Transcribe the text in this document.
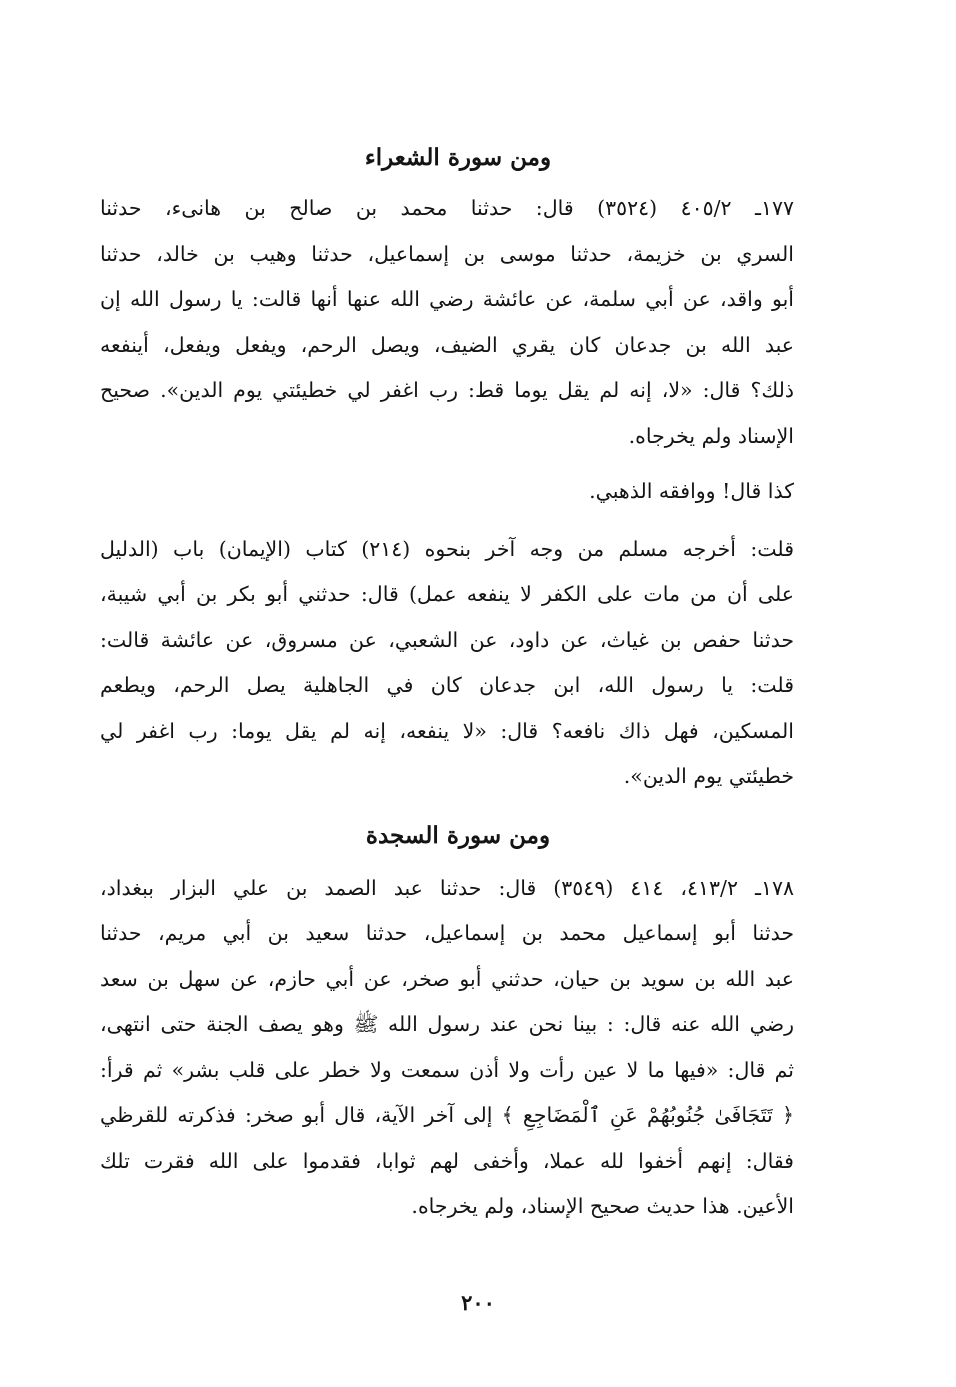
ومن سورة الشعراء

١٧٧ـ ٤٠٥/٢ (٣٥٢٤) قال: حدثنا محمد بن صالح بن هانىء، حدثنا
السري بن خزيمة، حدثنا موسى بن إسماعيل، حدثنا وهيب بن خالد، حدثنا
أبو واقد، عن أبي سلمة، عن عائشة رضي الله عنها أنها قالت: يا رسول الله إن
عبد الله بن جدعان كان يقري الضيف، ويصل الرحم، ويفعل ويفعل، أينفعه
ذلك؟ قال: «لا، إنه لم يقل يوما قط: رب اغفر لي خطيئتي يوم الدين». صحيح
الإسناد ولم يخرجاه.

كذا قال! ووافقه الذهبي.

قلت: أخرجه مسلم من وجه آخر بنحوه (٢١٤) كتاب (الإيمان) باب (الدليل
على أن من مات على الكفر لا ينفعه عمل) قال: حدثني أبو بكر بن أبي شيبة،
حدثنا حفص بن غياث، عن داود، عن الشعبي، عن مسروق، عن عائشة قالت:
قلت: يا رسول الله، ابن جدعان كان في الجاهلية يصل الرحم، ويطعم
المسكين، فهل ذاك نافعه؟ قال: «لا ينفعه، إنه لم يقل يوما: رب اغفر لي
خطيئتي يوم الدين».

ومن سورة السجدة

١٧٨ـ ٤١٣/٢، ٤١٤ (٣٥٤٩) قال: حدثنا عبد الصمد بن علي البزار ببغداد،
حدثنا أبو إسماعيل محمد بن إسماعيل، حدثنا سعيد بن أبي مريم، حدثنا
عبد الله بن سويد بن حيان، حدثني أبو صخر، عن أبي حازم، عن سهل بن سعد
رضي الله عنه قال: : بينا نحن عند رسول الله ﷺ وهو يصف الجنة حتى انتهى،
ثم قال: «فيها ما لا عين رأت ولا أذن سمعت ولا خطر على قلب بشر» ثم قرأ:
﴿ تَتَجَافَىٰ جُنُوبُهُمْ عَنِ ٱلْمَضَاجِعِ ﴾ إلى آخر الآية، قال أبو صخر: فذكرته للقرظي
فقال: إنهم أخفوا لله عملا، وأخفى لهم ثوابا، فقدموا على الله فقرت تلك
الأعين. هذا حديث صحيح الإسناد، ولم يخرجاه.

٢٠٠
